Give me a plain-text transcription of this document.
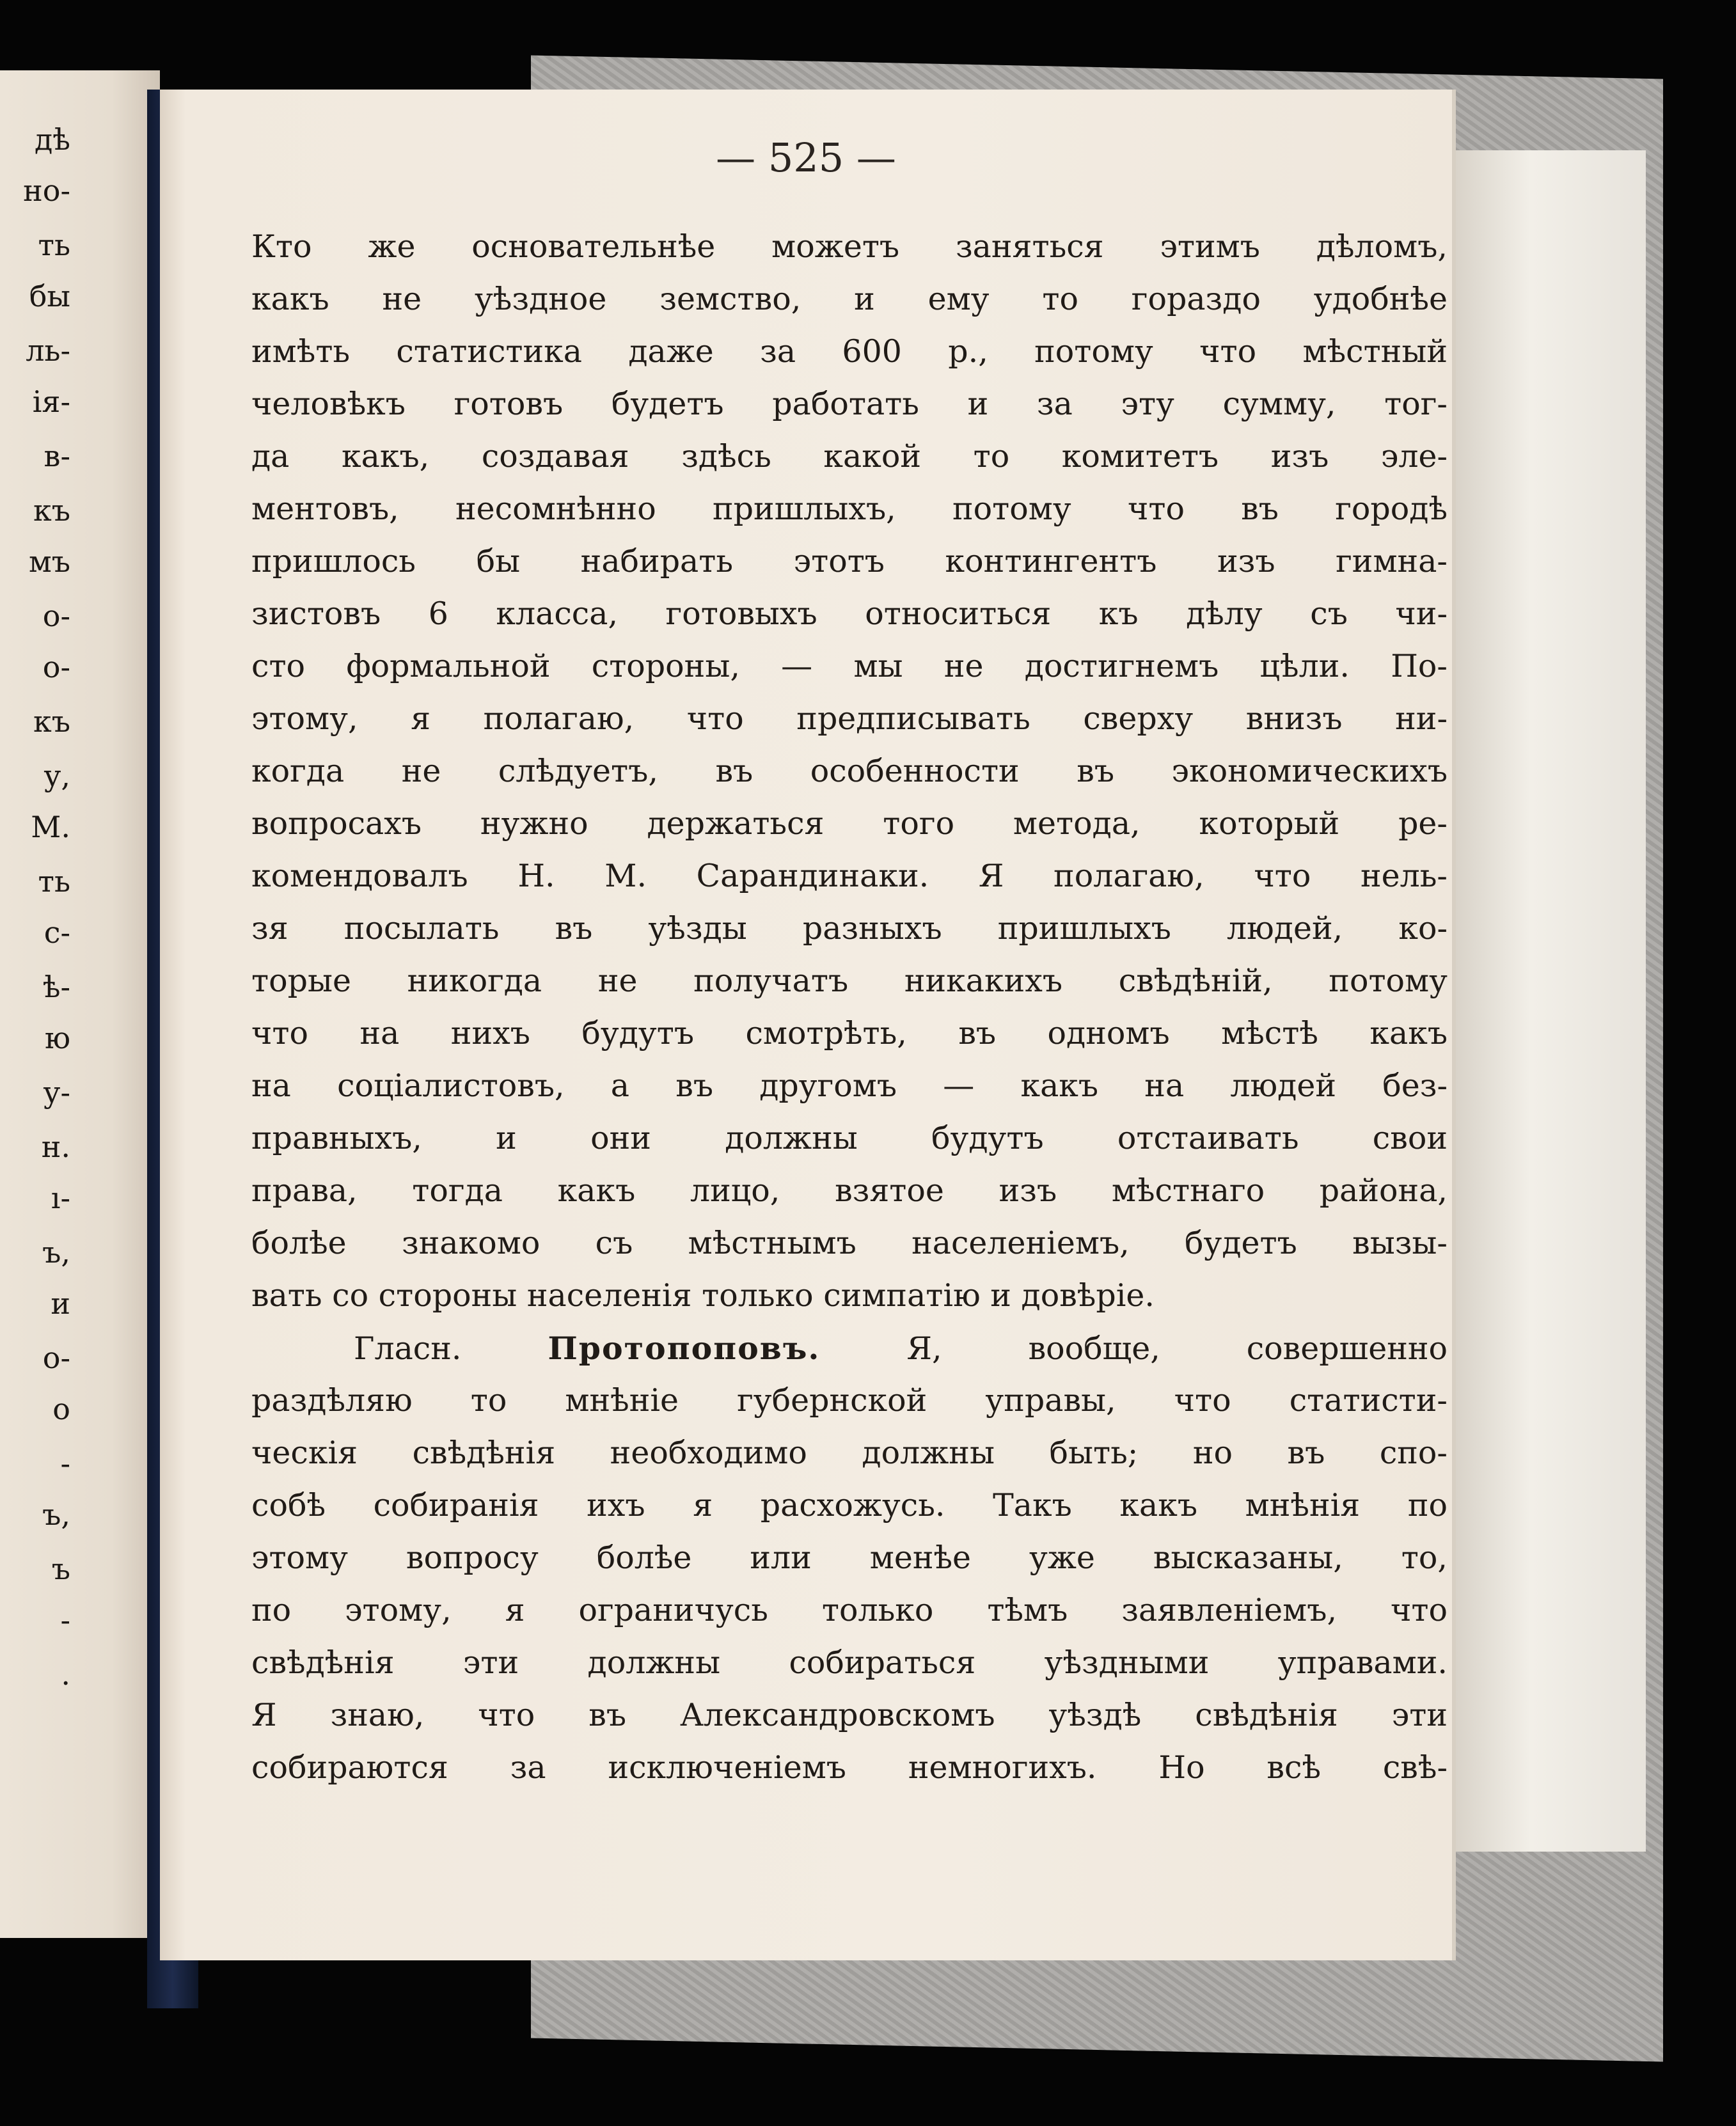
дѣ
но-
ть
бы
ль-
ія-
в-
къ
мъ
о-
о-
къ
у,
М.
ть
с-
ѣ-
ю
у-
н.
ı-
ъ,
и
о-
о
-
ъ,
ъ
-
.

— 525 —

Кто же основательнѣе можетъ заняться этимъ дѣломъ,
какъ не уѣздное земство, и ему то гораздо удобнѣе
имѣть статистика даже за 600 р., потому что мѣстный
человѣкъ готовъ будетъ работать и за эту сумму, тог-
да какъ, создавая здѣсь какой то комитетъ изъ эле-
ментовъ, несомнѣнно пришлыхъ, потому что въ городѣ
пришлось бы набирать этотъ контингентъ изъ гимна-
зистовъ 6 класса, готовыхъ относиться къ дѣлу съ чи-
сто формальной стороны, — мы не достигнемъ цѣли. По-
этому, я полагаю, что предписывать сверху внизъ ни-
когда не слѣдуетъ, въ особенности въ экономическихъ
вопросахъ нужно держаться того метода, который ре-
комендовалъ Н. М. Сарандинаки. Я полагаю, что нель-
зя посылать въ уѣзды разныхъ пришлыхъ людей, ко-
торые никогда не получатъ никакихъ свѣдѣній, потому
что на нихъ будутъ смотрѣть, въ одномъ мѣстѣ какъ
на соціалистовъ, а въ другомъ — какъ на людей без-
правныхъ, и они должны будутъ отстаивать свои
права, тогда какъ лицо, взятое изъ мѣстнаго района,
болѣе знакомо съ мѣстнымъ населеніемъ, будетъ вызы-
вать со стороны населенія только симпатію и довѣріе.
Гласн.	Протопоповъ.	Я, вообще, совершенно
раздѣляю то мнѣніе губернской управы, что статисти-
ческія свѣдѣнія необходимо должны быть; но въ спо-
собѣ собиранія ихъ я расхожусь. Такъ какъ мнѣнія по
этому вопросу болѣе или менѣе уже высказаны, то,
по этому, я ограничусь только тѣмъ заявленіемъ, что
свѣдѣнія эти должны собираться уѣздными управами.
Я знаю, что въ Александровскомъ уѣздѣ свѣдѣнія эти
собираются за исключеніемъ немногихъ. Но всѣ свѣ-
